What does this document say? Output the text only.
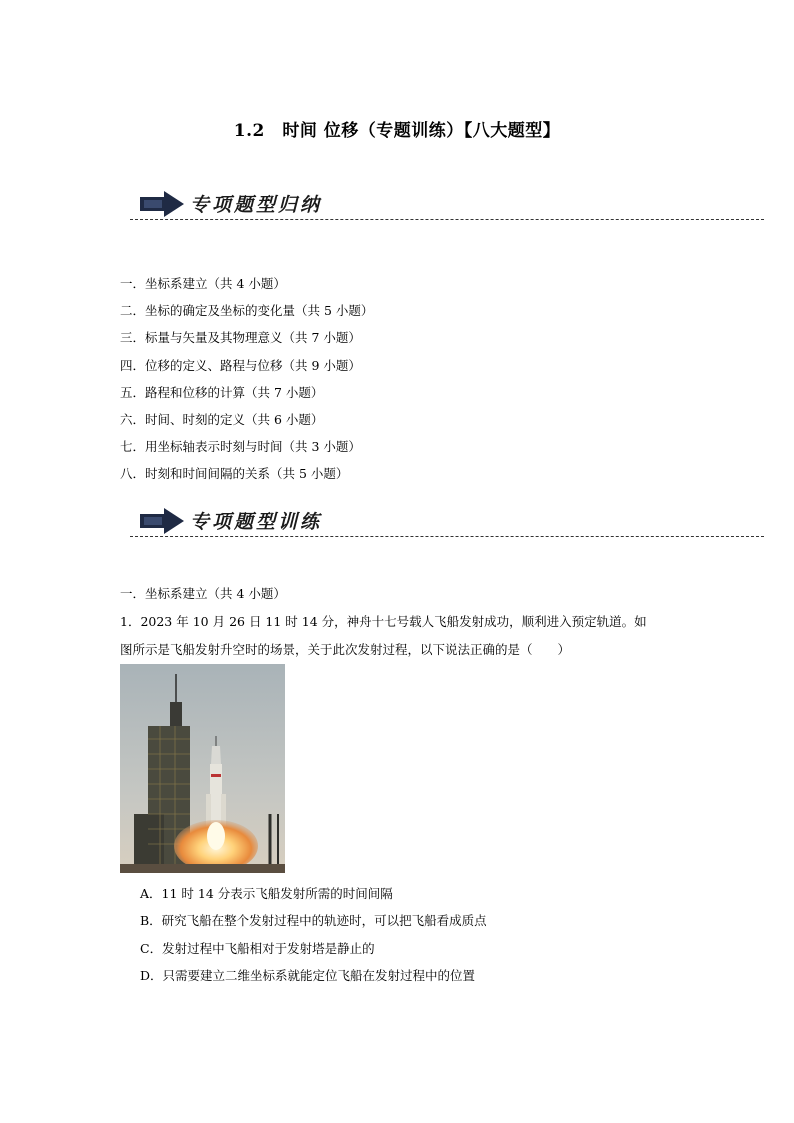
1.2　时间 位移（专题训练）【八大题型】
专项题型归纳
一．坐标系建立（共 4 小题）
二．坐标的确定及坐标的变化量（共 5 小题）
三．标量与矢量及其物理意义（共 7 小题）
四．位移的定义、路程与位移（共 9 小题）
五．路程和位移的计算（共 7 小题）
六．时间、时刻的定义（共 6 小题）
七．用坐标轴表示时刻与时间（共 3 小题）
八．时刻和时间间隔的关系（共 5 小题）
专项题型训练
一．坐标系建立（共 4 小题）
1．2023 年 10 月 26 日 11 时 14 分，神舟十七号载人飞船发射成功，顺利进入预定轨道。如
图所示是飞船发射升空时的场景，关于此次发射过程，以下说法正确的是（　　）
A．11 时 14 分表示飞船发射所需的时间间隔
B．研究飞船在整个发射过程中的轨迹时，可以把飞船看成质点
C．发射过程中飞船相对于发射塔是静止的
D．只需要建立二维坐标系就能定位飞船在发射过程中的位置
